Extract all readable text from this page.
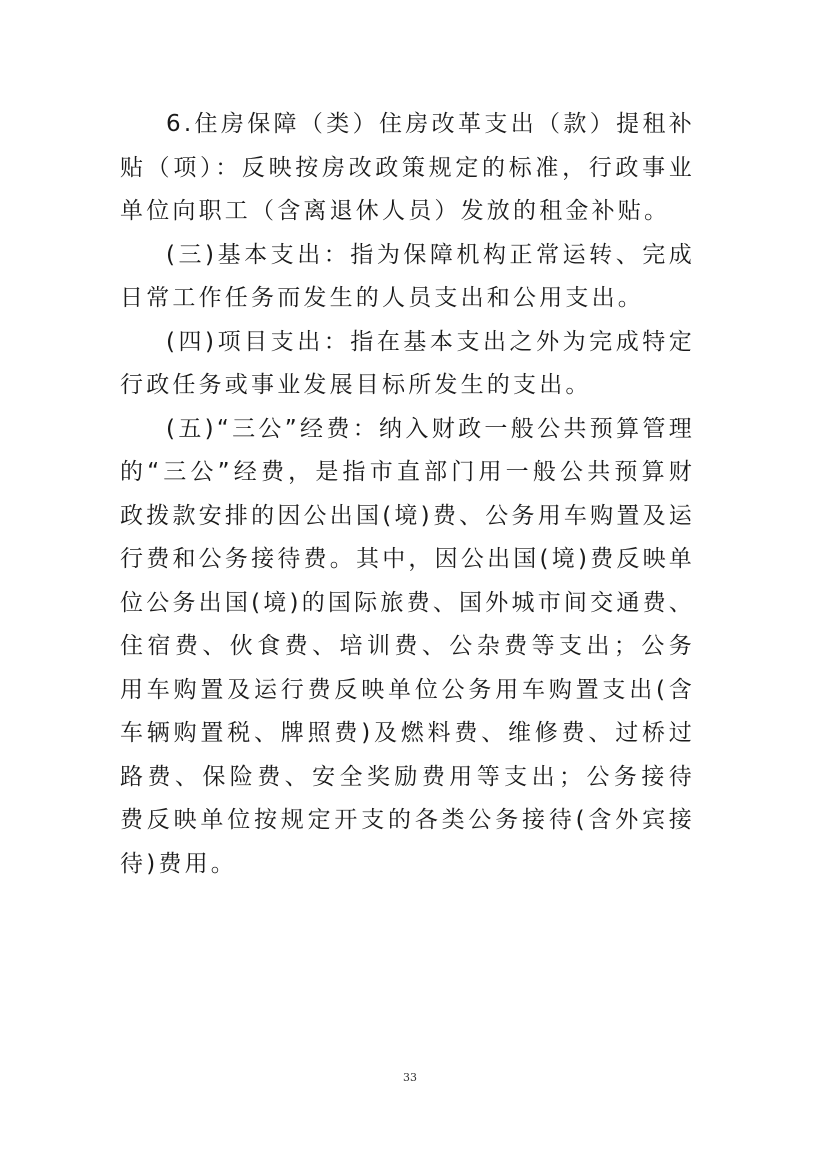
6.住房保障（类）住房改革支出（款）提租补贴（项）：反映按房改政策规定的标准，行政事业单位向职工（含离退休人员）发放的租金补贴。

(三)基本支出：指为保障机构正常运转、完成日常工作任务而发生的人员支出和公用支出。

(四)项目支出：指在基本支出之外为完成特定行政任务或事业发展目标所发生的支出。

(五)“三公”经费：纳入财政一般公共预算管理的“三公”经费，是指市直部门用一般公共预算财政拨款安排的因公出国(境)费、公务用车购置及运行费和公务接待费。其中，因公出国(境)费反映单位公务出国(境)的国际旅费、国外城市间交通费、住宿费、伙食费、培训费、公杂费等支出；公务用车购置及运行费反映单位公务用车购置支出(含车辆购置税、牌照费)及燃料费、维修费、过桥过路费、保险费、安全奖励费用等支出；公务接待费反映单位按规定开支的各类公务接待(含外宾接待)费用。

33
